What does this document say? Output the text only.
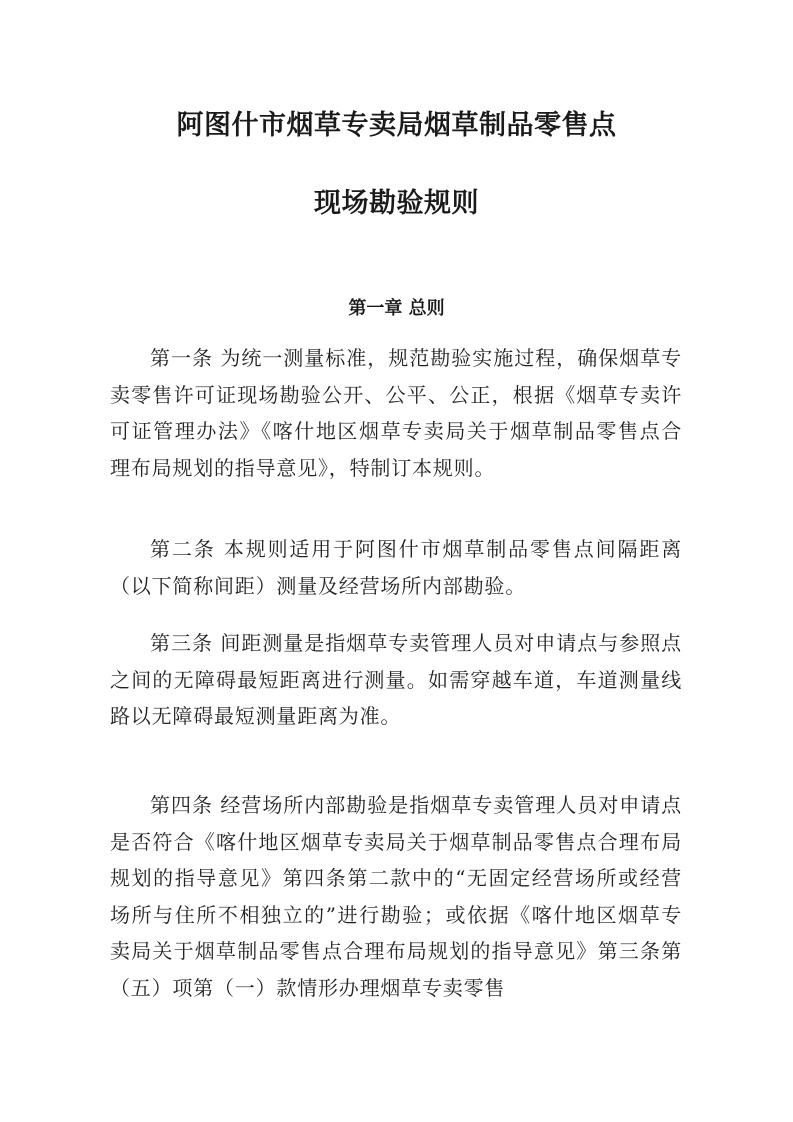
阿图什市烟草专卖局烟草制品零售点
现场勘验规则
第一章 总则

第一条 为统一测量标准，规范勘验实施过程，确保烟草专卖零售许可证现场勘验公开、公平、公正，根据《烟草专卖许可证管理办法》《喀什地区烟草专卖局关于烟草制品零售点合理布局规划的指导意见》，特制订本规则。

第二条 本规则适用于阿图什市烟草制品零售点间隔距离（以下简称间距）测量及经营场所内部勘验。

第三条 间距测量是指烟草专卖管理人员对申请点与参照点之间的无障碍最短距离进行测量。如需穿越车道，车道测量线路以无障碍最短测量距离为准。

第四条 经营场所内部勘验是指烟草专卖管理人员对申请点是否符合《喀什地区烟草专卖局关于烟草制品零售点合理布局规划的指导意见》第四条第二款中的“无固定经营场所或经营场所与住所不相独立的”进行勘验；或依据《喀什地区烟草专卖局关于烟草制品零售点合理布局规划的指导意见》第三条第（五）项第（一）款情形办理烟草专卖零售
